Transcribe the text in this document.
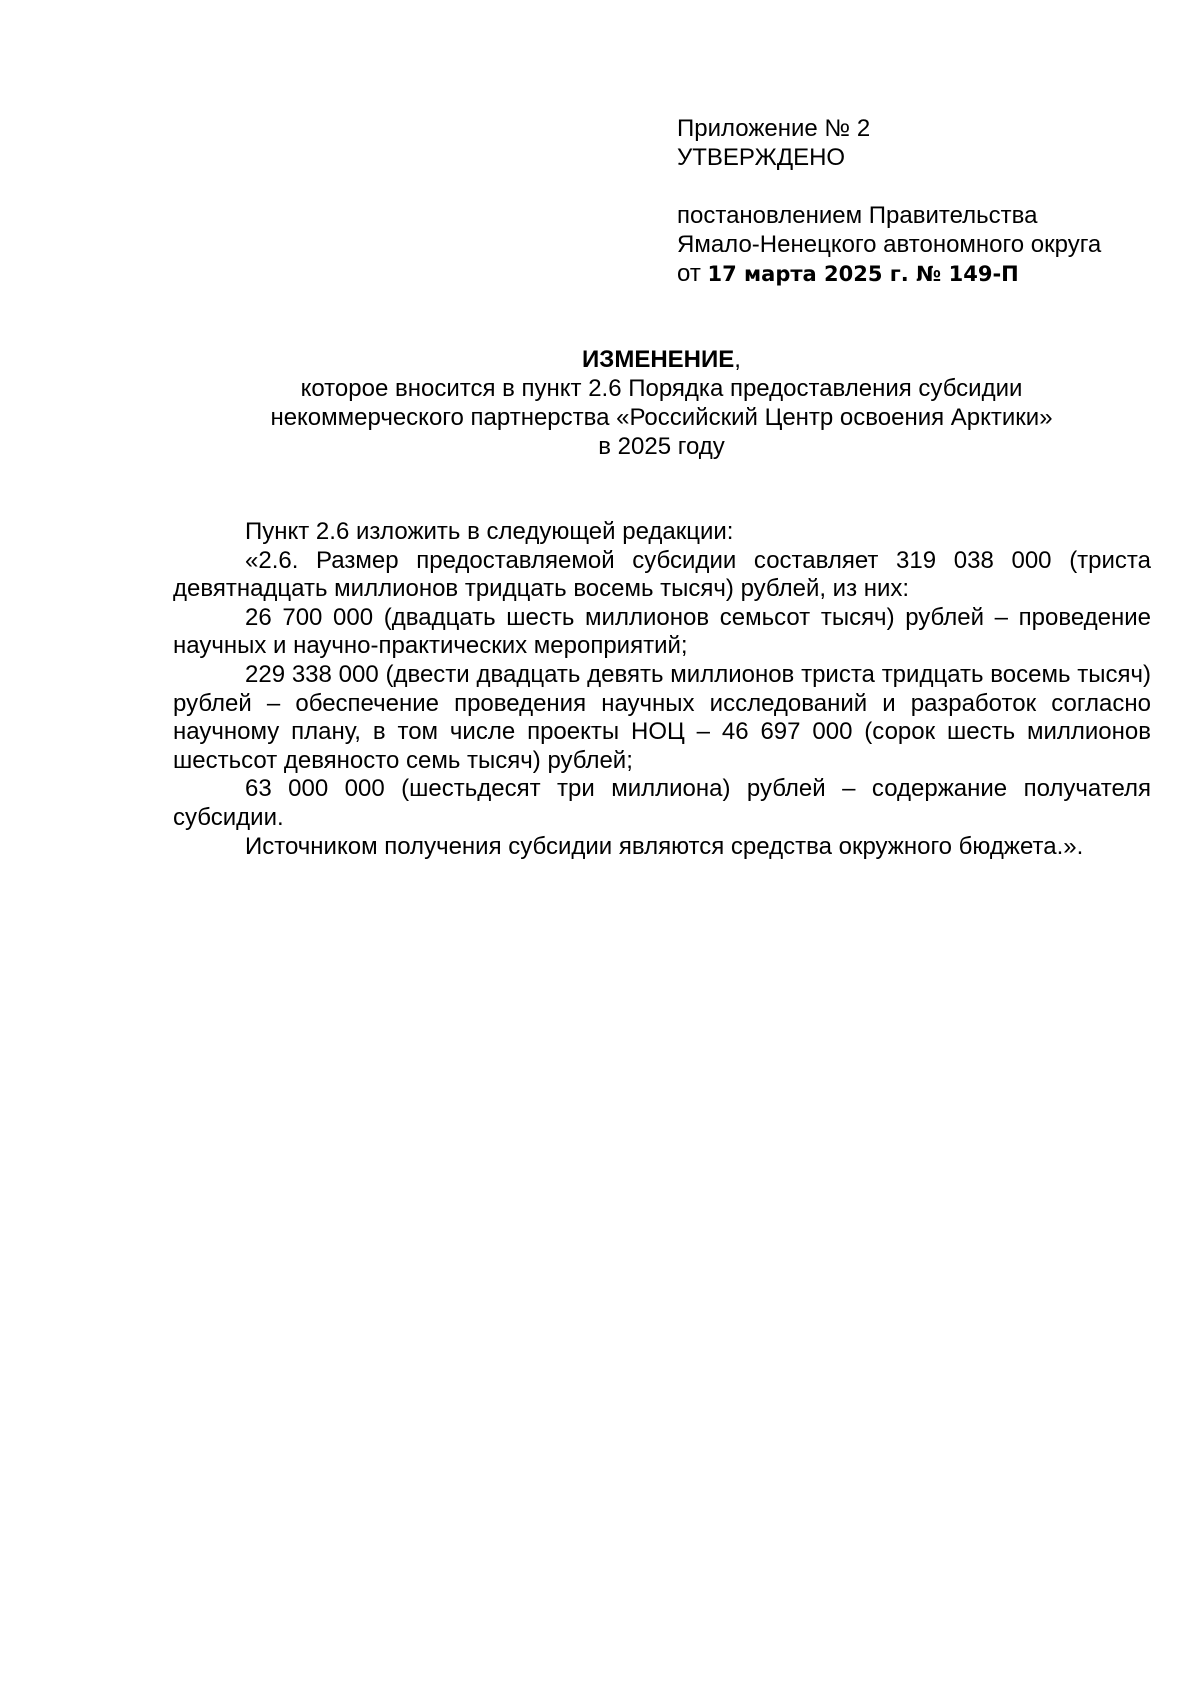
Приложение № 2
УТВЕРЖДЕНО
постановлением Правительства
Ямало-Ненецкого автономного округа
от 17 марта 2025 г. № 149-П
ИЗМЕНЕНИЕ,
которое вносится в пункт 2.6 Порядка предоставления субсидии
некоммерческого партнерства «Российский Центр освоения Арктики»
в 2025 году

Пункт 2.6 изложить в следующей редакции:

«2.6. Размер предоставляемой субсидии составляет 319 038 000 (триста девятнадцать миллионов тридцать восемь тысяч) рублей, из них:

26 700 000 (двадцать шесть миллионов семьсот тысяч) рублей – проведение научных и научно-практических мероприятий;

229 338 000 (двести двадцать девять миллионов триста тридцать восемь тысяч) рублей – обеспечение проведения научных исследований и разработок согласно научному плану, в том числе проекты НОЦ – 46 697 000 (сорок шесть миллионов шестьсот девяносто семь тысяч) рублей;

63 000 000 (шестьдесят три миллиона) рублей – содержание получателя субсидии.

Источником получения субсидии являются средства окружного бюджета.».
